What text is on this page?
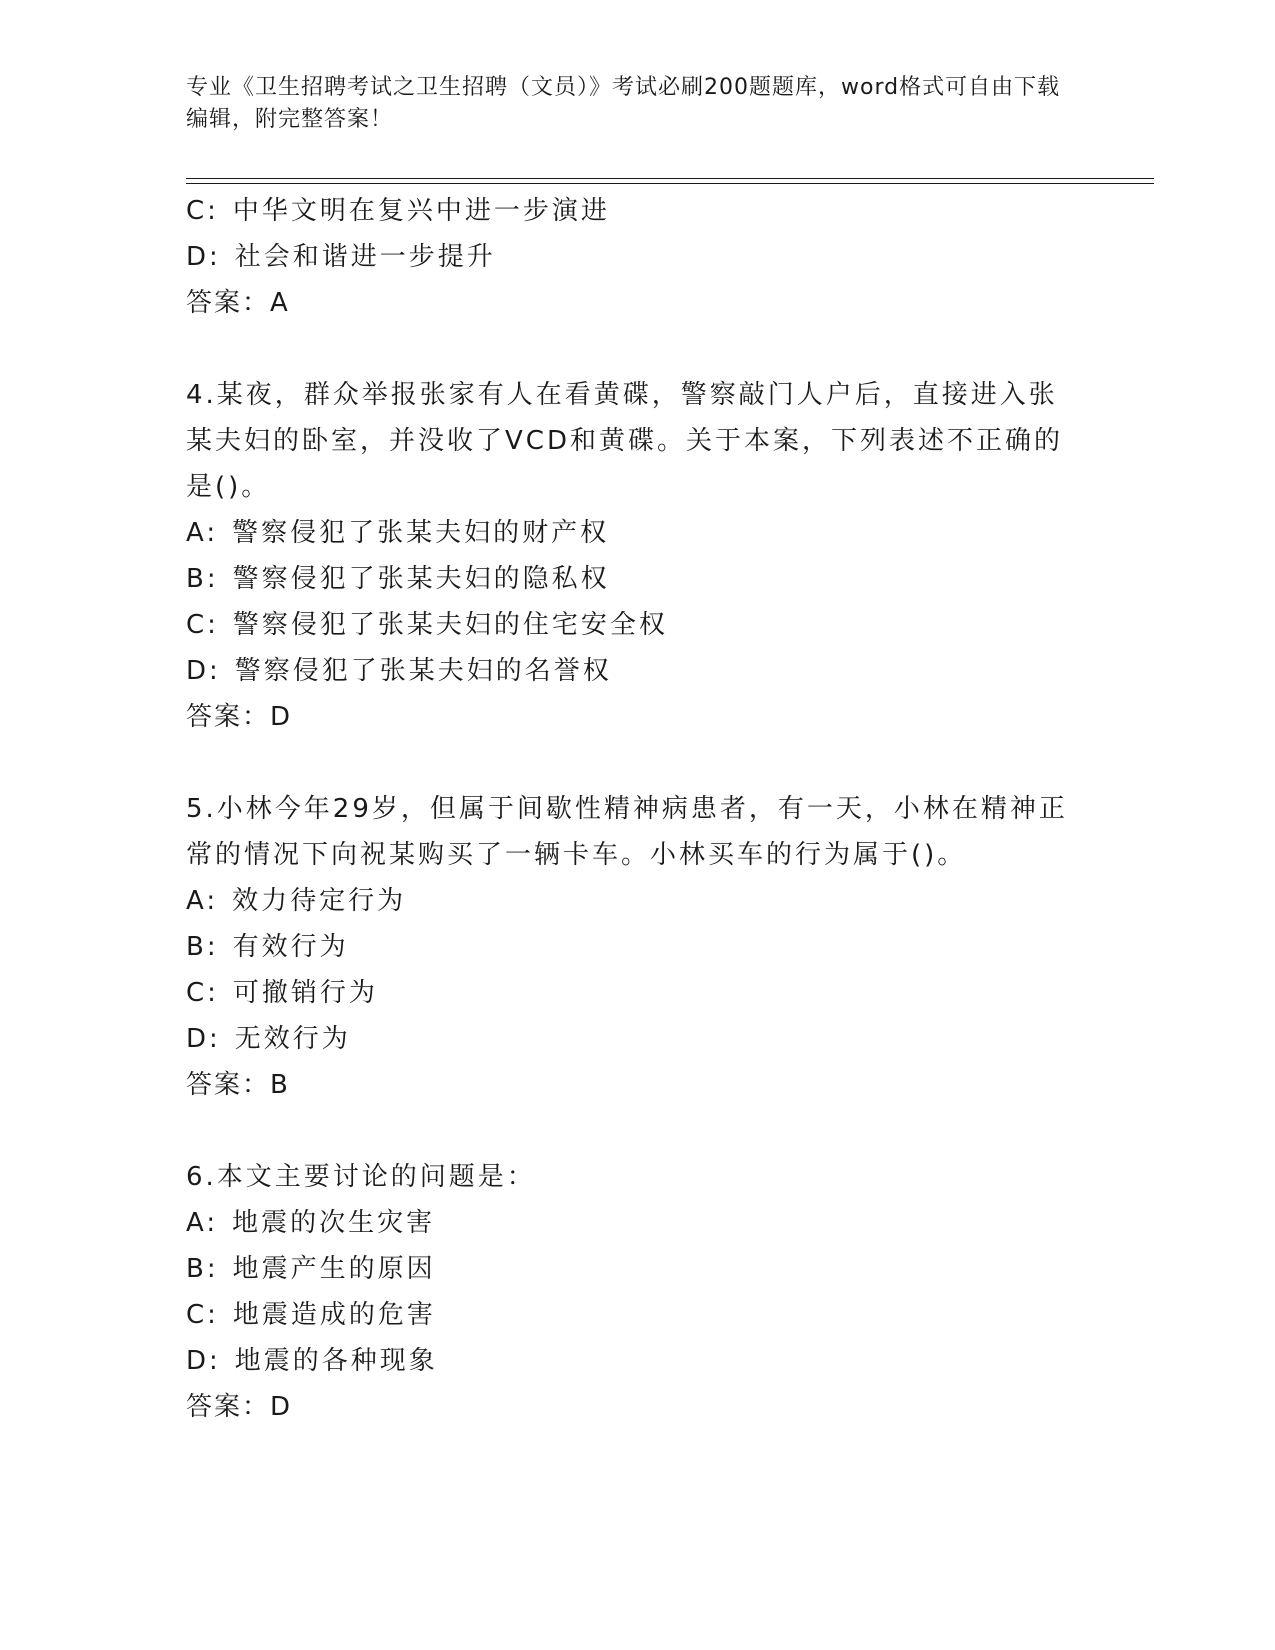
专业《卫生招聘考试之卫生招聘（文员）》考试必刷200题题库，word格式可自由下载编辑，附完整答案！
C: 中华文明在复兴中进一步演进
D: 社会和谐进一步提升
答案：A
4.某夜，群众举报张家有人在看黄碟，警察敲门人户后，直接进入张某夫妇的卧室，并没收了VCD和黄碟。关于本案，下列表述不正确的是()。
A: 警察侵犯了张某夫妇的财产权
B: 警察侵犯了张某夫妇的隐私权
C: 警察侵犯了张某夫妇的住宅安全权
D: 警察侵犯了张某夫妇的名誉权
答案：D
5.小林今年29岁，但属于间歇性精神病患者，有一天，小林在精神正常的情况下向祝某购买了一辆卡车。小林买车的行为属于()。
A: 效力待定行为
B: 有效行为
C: 可撤销行为
D: 无效行为
答案：B
6.本文主要讨论的问题是：
A: 地震的次生灾害
B: 地震产生的原因
C: 地震造成的危害
D: 地震的各种现象
答案：D
